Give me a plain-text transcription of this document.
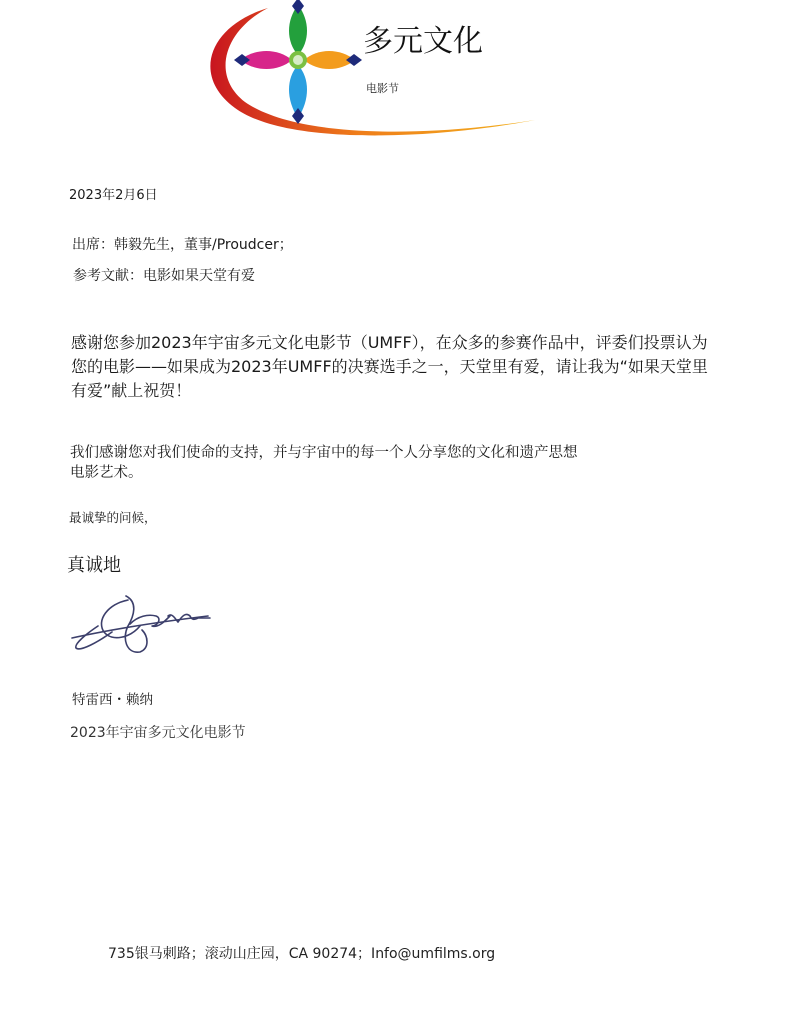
多元文化
电影节
2023年2月6日
出席：韩毅先生，董事/Proudcer；
参考文献：电影如果天堂有爱
感谢您参加2023年宇宙多元文化电影节（UMFF），在众多的参赛作品中，评委们投票认为您的电影——如果成为2023年UMFF的决赛选手之一，天堂里有爱，请让我为“如果天堂里有爱”献上祝贺！
我们感谢您对我们使命的支持，并与宇宙中的每一个人分享您的文化和遗产思想
电影艺术。
最诚挚的问候，
真诚地
特雷西・赖纳
2023年宇宙多元文化电影节
735银马刺路；滚动山庄园，CA 90274；Info@umfilms.org
